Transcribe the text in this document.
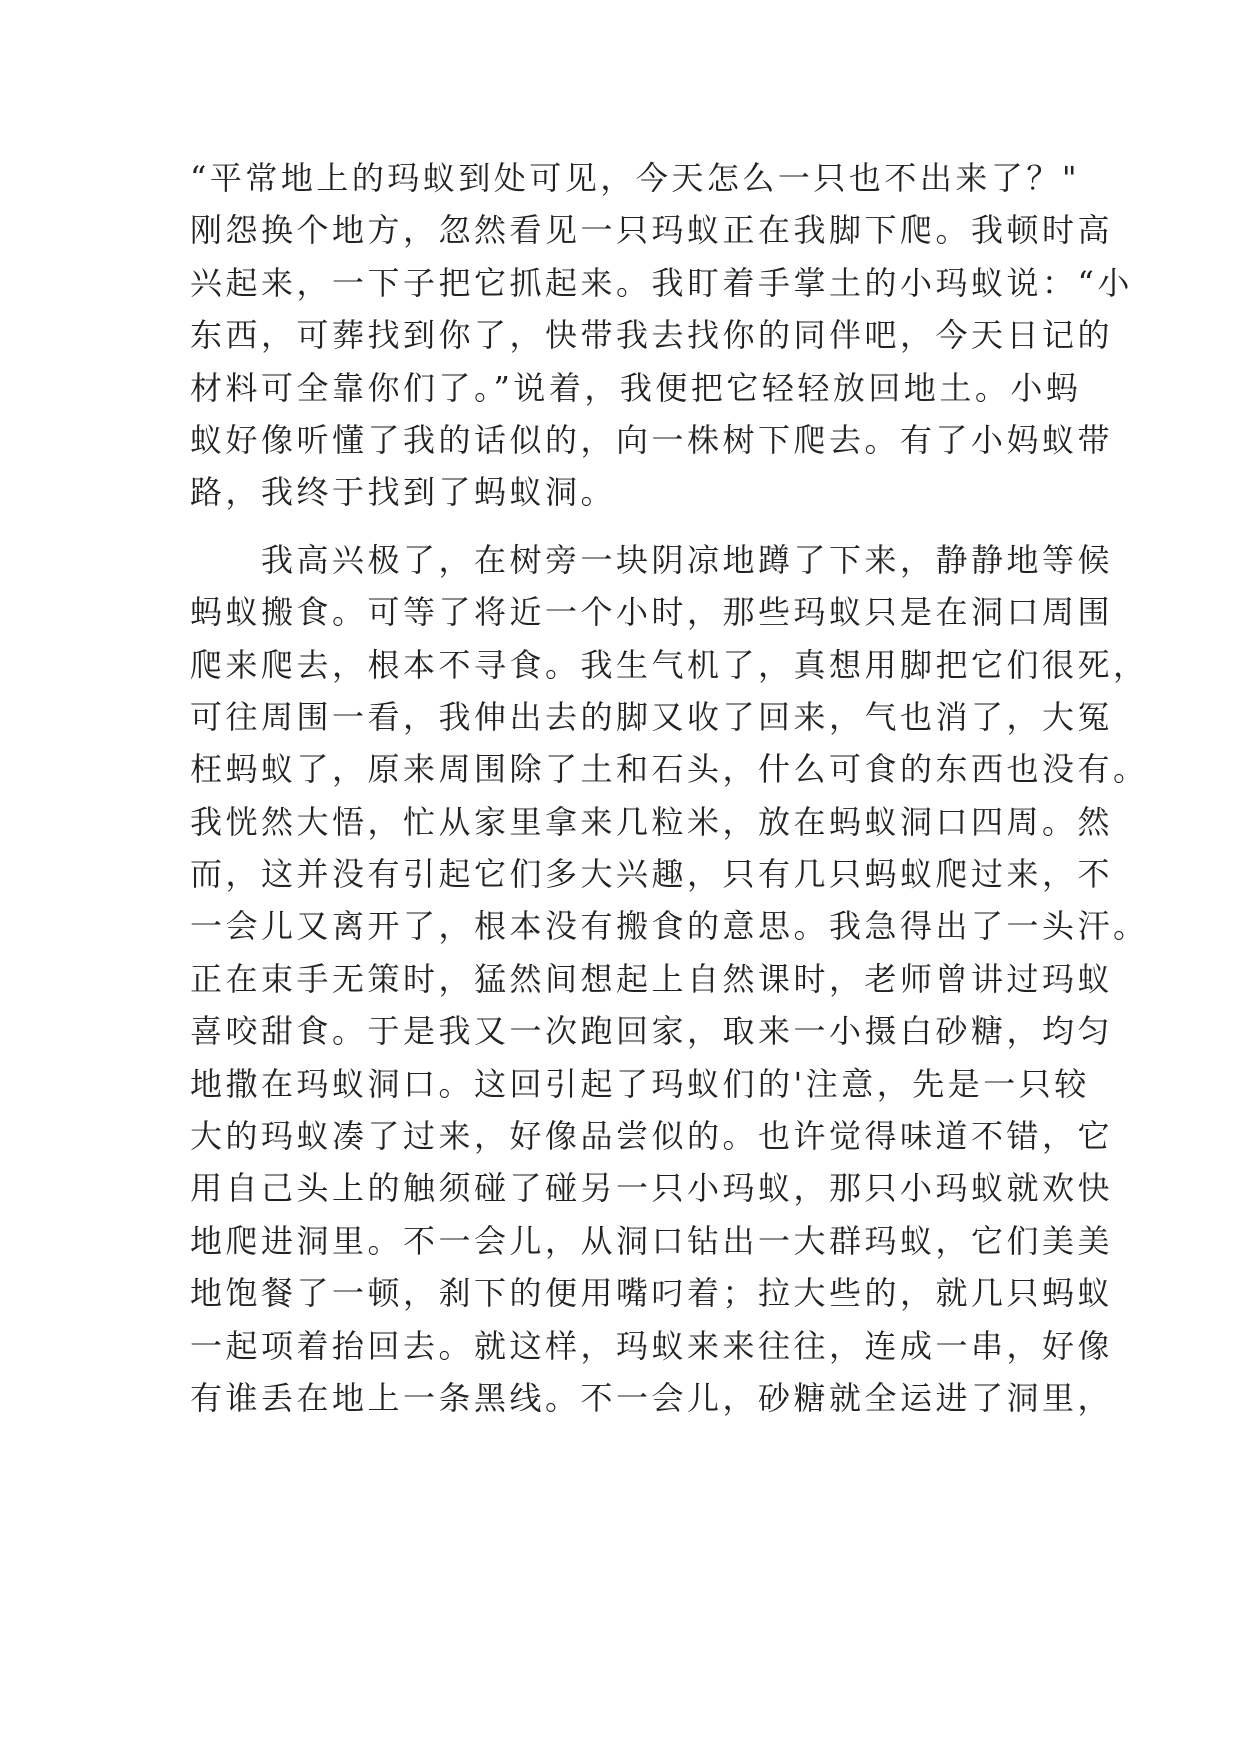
“平常地上的玛蚁到处可见，今天怎么一只也不出来了？"
刚怨换个地方，忽然看见一只玛蚁正在我脚下爬。我顿时高
兴起来，一下子把它抓起来。我盯着手掌土的小玛蚁说：“小
东西，可葬找到你了，快带我去找你的同伴吧，今天日记的
材料可全靠你们了。”说着，我便把它轻轻放回地土。小蚂
蚁好像听懂了我的话似的，向一株树下爬去。有了小妈蚁带
路，我终于找到了蚂蚁洞。
　　我高兴极了，在树旁一块阴凉地蹲了下来，静静地等候
蚂蚁搬食。可等了将近一个小时，那些玛蚁只是在洞口周围
爬来爬去，根本不寻食。我生气机了，真想用脚把它们很死，
可往周围一看，我伸出去的脚又收了回来，气也消了，大冤
枉蚂蚁了，原来周围除了土和石头，什么可食的东西也没有。
我恍然大悟，忙从家里拿来几粒米，放在蚂蚁洞口四周。然
而，这并没有引起它们多大兴趣，只有几只蚂蚁爬过来，不
一会儿又离开了，根本没有搬食的意思。我急得出了一头汗。
正在束手无策时，猛然间想起上自然课时，老师曾讲过玛蚁
喜咬甜食。于是我又一次跑回家，取来一小摄白砂糖，均匀
地撒在玛蚁洞口。这回引起了玛蚁们的'注意，先是一只较
大的玛蚁凑了过来，好像品尝似的。也许觉得味道不错，它
用自己头上的触须碰了碰另一只小玛蚁，那只小玛蚁就欢快
地爬进洞里。不一会儿，从洞口钻出一大群玛蚁，它们美美
地饱餐了一顿，刹下的便用嘴叼着；拉大些的，就几只蚂蚁
一起项着抬回去。就这样，玛蚁来来往往，连成一串，好像
有谁丢在地上一条黑线。不一会儿，砂糖就全运进了洞里，
